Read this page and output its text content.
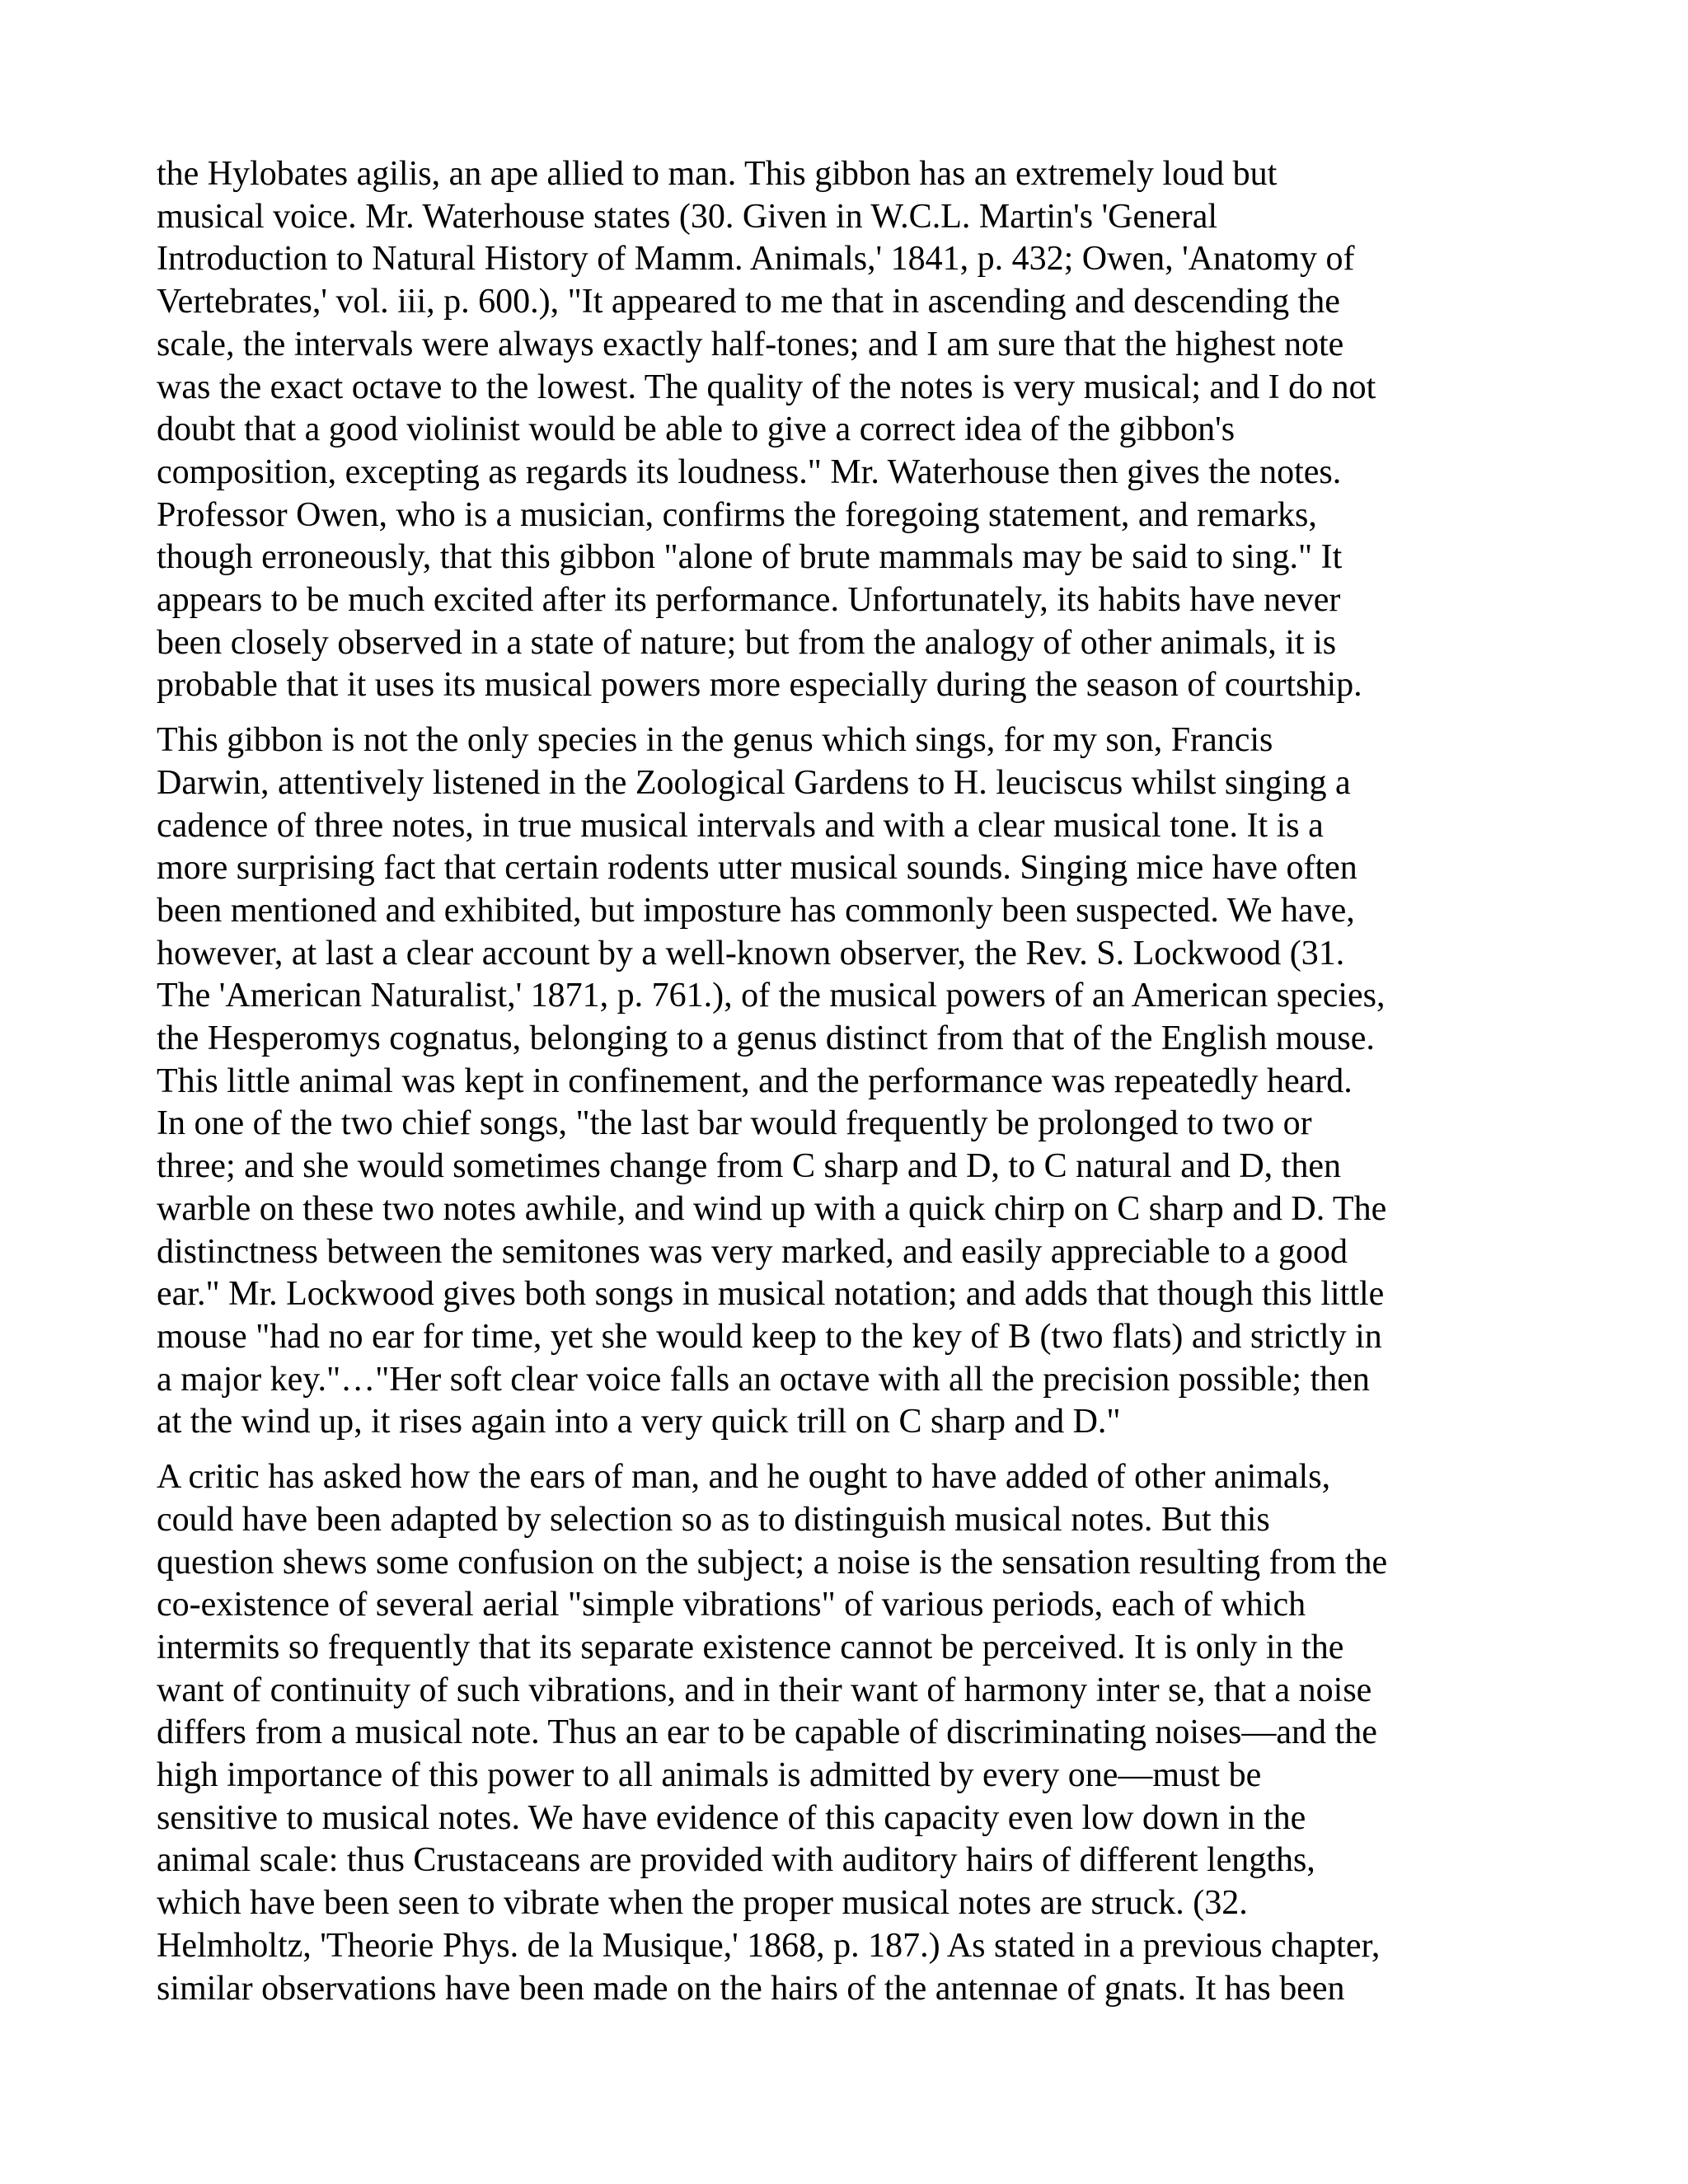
the Hylobates agilis, an ape allied to man. This gibbon has an extremely loud but
musical voice. Mr. Waterhouse states (30. Given in W.C.L. Martin's 'General
Introduction to Natural History of Mamm. Animals,' 1841, p. 432; Owen, 'Anatomy of
Vertebrates,' vol. iii, p. 600.), "It appeared to me that in ascending and descending the
scale, the intervals were always exactly half-tones; and I am sure that the highest note
was the exact octave to the lowest. The quality of the notes is very musical; and I do not
doubt that a good violinist would be able to give a correct idea of the gibbon's
composition, excepting as regards its loudness." Mr. Waterhouse then gives the notes.
Professor Owen, who is a musician, confirms the foregoing statement, and remarks,
though erroneously, that this gibbon "alone of brute mammals may be said to sing." It
appears to be much excited after its performance. Unfortunately, its habits have never
been closely observed in a state of nature; but from the analogy of other animals, it is
probable that it uses its musical powers more especially during the season of courtship.
This gibbon is not the only species in the genus which sings, for my son, Francis
Darwin, attentively listened in the Zoological Gardens to H. leuciscus whilst singing a
cadence of three notes, in true musical intervals and with a clear musical tone. It is a
more surprising fact that certain rodents utter musical sounds. Singing mice have often
been mentioned and exhibited, but imposture has commonly been suspected. We have,
however, at last a clear account by a well-known observer, the Rev. S. Lockwood (31.
The 'American Naturalist,' 1871, p. 761.), of the musical powers of an American species,
the Hesperomys cognatus, belonging to a genus distinct from that of the English mouse.
This little animal was kept in confinement, and the performance was repeatedly heard.
In one of the two chief songs, "the last bar would frequently be prolonged to two or
three; and she would sometimes change from C sharp and D, to C natural and D, then
warble on these two notes awhile, and wind up with a quick chirp on C sharp and D. The
distinctness between the semitones was very marked, and easily appreciable to a good
ear." Mr. Lockwood gives both songs in musical notation; and adds that though this little
mouse "had no ear for time, yet she would keep to the key of B (two flats) and strictly in
a major key."…"Her soft clear voice falls an octave with all the precision possible; then
at the wind up, it rises again into a very quick trill on C sharp and D."
A critic has asked how the ears of man, and he ought to have added of other animals,
could have been adapted by selection so as to distinguish musical notes. But this
question shews some confusion on the subject; a noise is the sensation resulting from the
co-existence of several aerial "simple vibrations" of various periods, each of which
intermits so frequently that its separate existence cannot be perceived. It is only in the
want of continuity of such vibrations, and in their want of harmony inter se, that a noise
differs from a musical note. Thus an ear to be capable of discriminating noises—and the
high importance of this power to all animals is admitted by every one—must be
sensitive to musical notes. We have evidence of this capacity even low down in the
animal scale: thus Crustaceans are provided with auditory hairs of different lengths,
which have been seen to vibrate when the proper musical notes are struck. (32.
Helmholtz, 'Theorie Phys. de la Musique,' 1868, p. 187.) As stated in a previous chapter,
similar observations have been made on the hairs of the antennae of gnats. It has been
